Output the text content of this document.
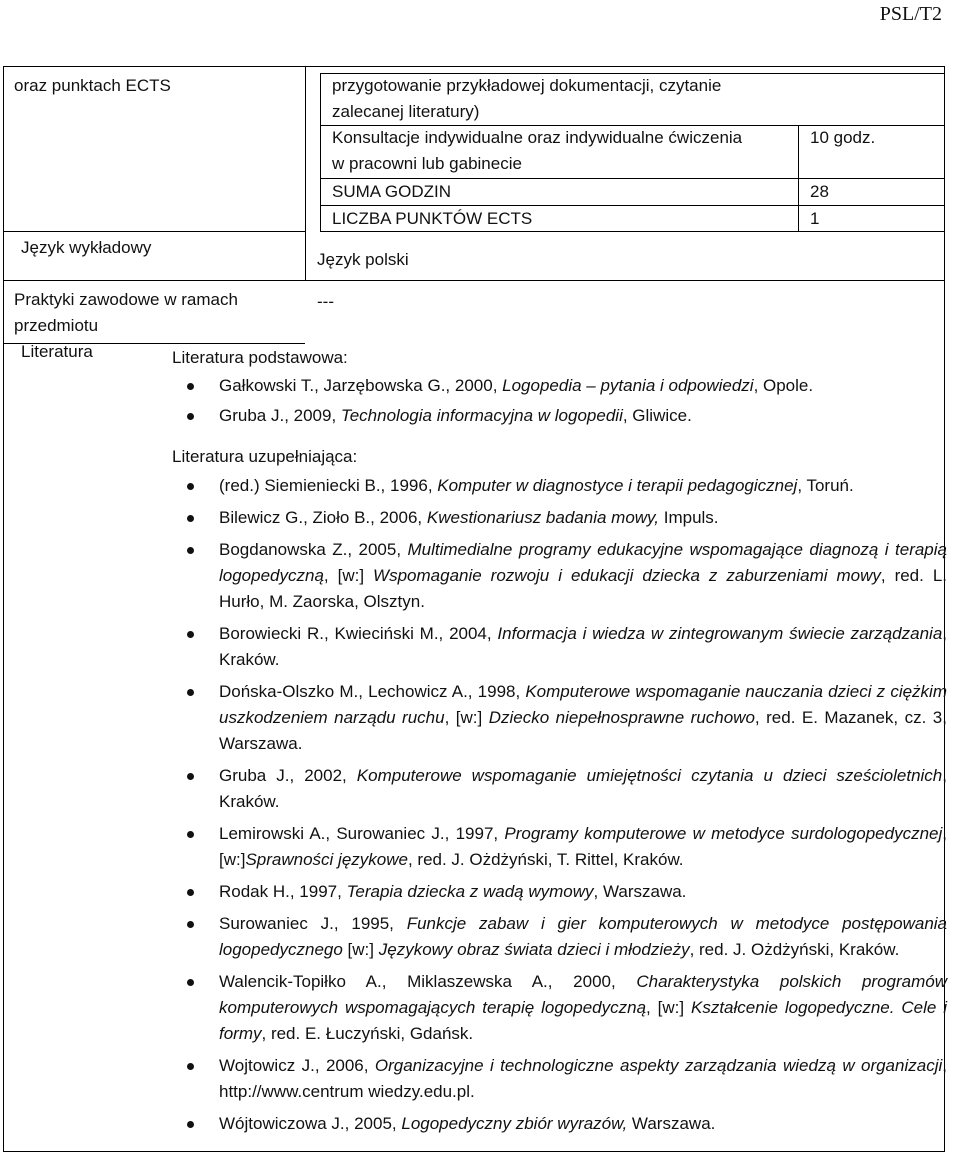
PSL/T2
oraz punktach ECTS
Język wykładowy
Praktyki zawodowe w ramach
przedmiotu
Literatura
Język polski
---
przygotowanie przykładowej dokumentacji, czytanie
zalecanej literatury)
Konsultacje indywidualne oraz indywidualne ćwiczenia
w pracowni lub gabinecie
10 godz.
SUMA GODZIN	28
LICZBA PUNKTÓW ECTS	1
Literatura podstawowa:
Gałkowski T., Jarzębowska G., 2000, Logopedia – pytania i odpowiedzi, Opole.
Gruba J., 2009, Technologia informacyjna w logopedii, Gliwice.
Literatura uzupełniająca:
(red.) Siemieniecki B., 1996, Komputer w diagnostyce i terapii pedagogicznej, Toruń.
Bilewicz G., Zioło B., 2006, Kwestionariusz badania mowy, Impuls.
Bogdanowska Z., 2005, Multimedialne programy edukacyjne wspomagające diagnozą i terapią logopedyczną, [w:] Wspomaganie rozwoju i edukacji dziecka z zaburzeniami mowy, red. L. Hurło, M. Zaorska, Olsztyn.
Borowiecki R., Kwieciński M., 2004, Informacja i wiedza w zintegrowanym świecie zarządzania, Kraków.
Dońska-Olszko M., Lechowicz A., 1998, Komputerowe wspomaganie nauczania dzieci z ciężkim uszkodzeniem narządu ruchu, [w:] Dziecko niepełnosprawne ruchowo, red. E. Mazanek, cz. 3, Warszawa.
Gruba J., 2002, Komputerowe wspomaganie umiejętności czytania u dzieci sześcioletnich, Kraków.
Lemirowski A., Surowaniec J., 1997, Programy komputerowe w metodyce surdologopedycznej, [w:]Sprawności językowe, red. J. Ożdżyński, T. Rittel, Kraków.
Rodak H., 1997, Terapia dziecka z wadą wymowy, Warszawa.
Surowaniec J., 1995, Funkcje zabaw i gier komputerowych w metodyce postępowania logopedycznego [w:] Językowy obraz świata dzieci i młodzieży, red. J. Ożdżyński, Kraków.
Walencik-Topiłko A., Miklaszewska A., 2000, Charakterystyka polskich programów komputerowych wspomagających terapię logopedyczną, [w:] Kształcenie logopedyczne. Cele i formy, red. E. Łuczyński, Gdańsk.
Wojtowicz J., 2006, Organizacyjne i technologiczne aspekty zarządzania wiedzą w organizacji, http://www.centrum wiedzy.edu.pl.
Wójtowiczowa J., 2005, Logopedyczny zbiór wyrazów, Warszawa.
